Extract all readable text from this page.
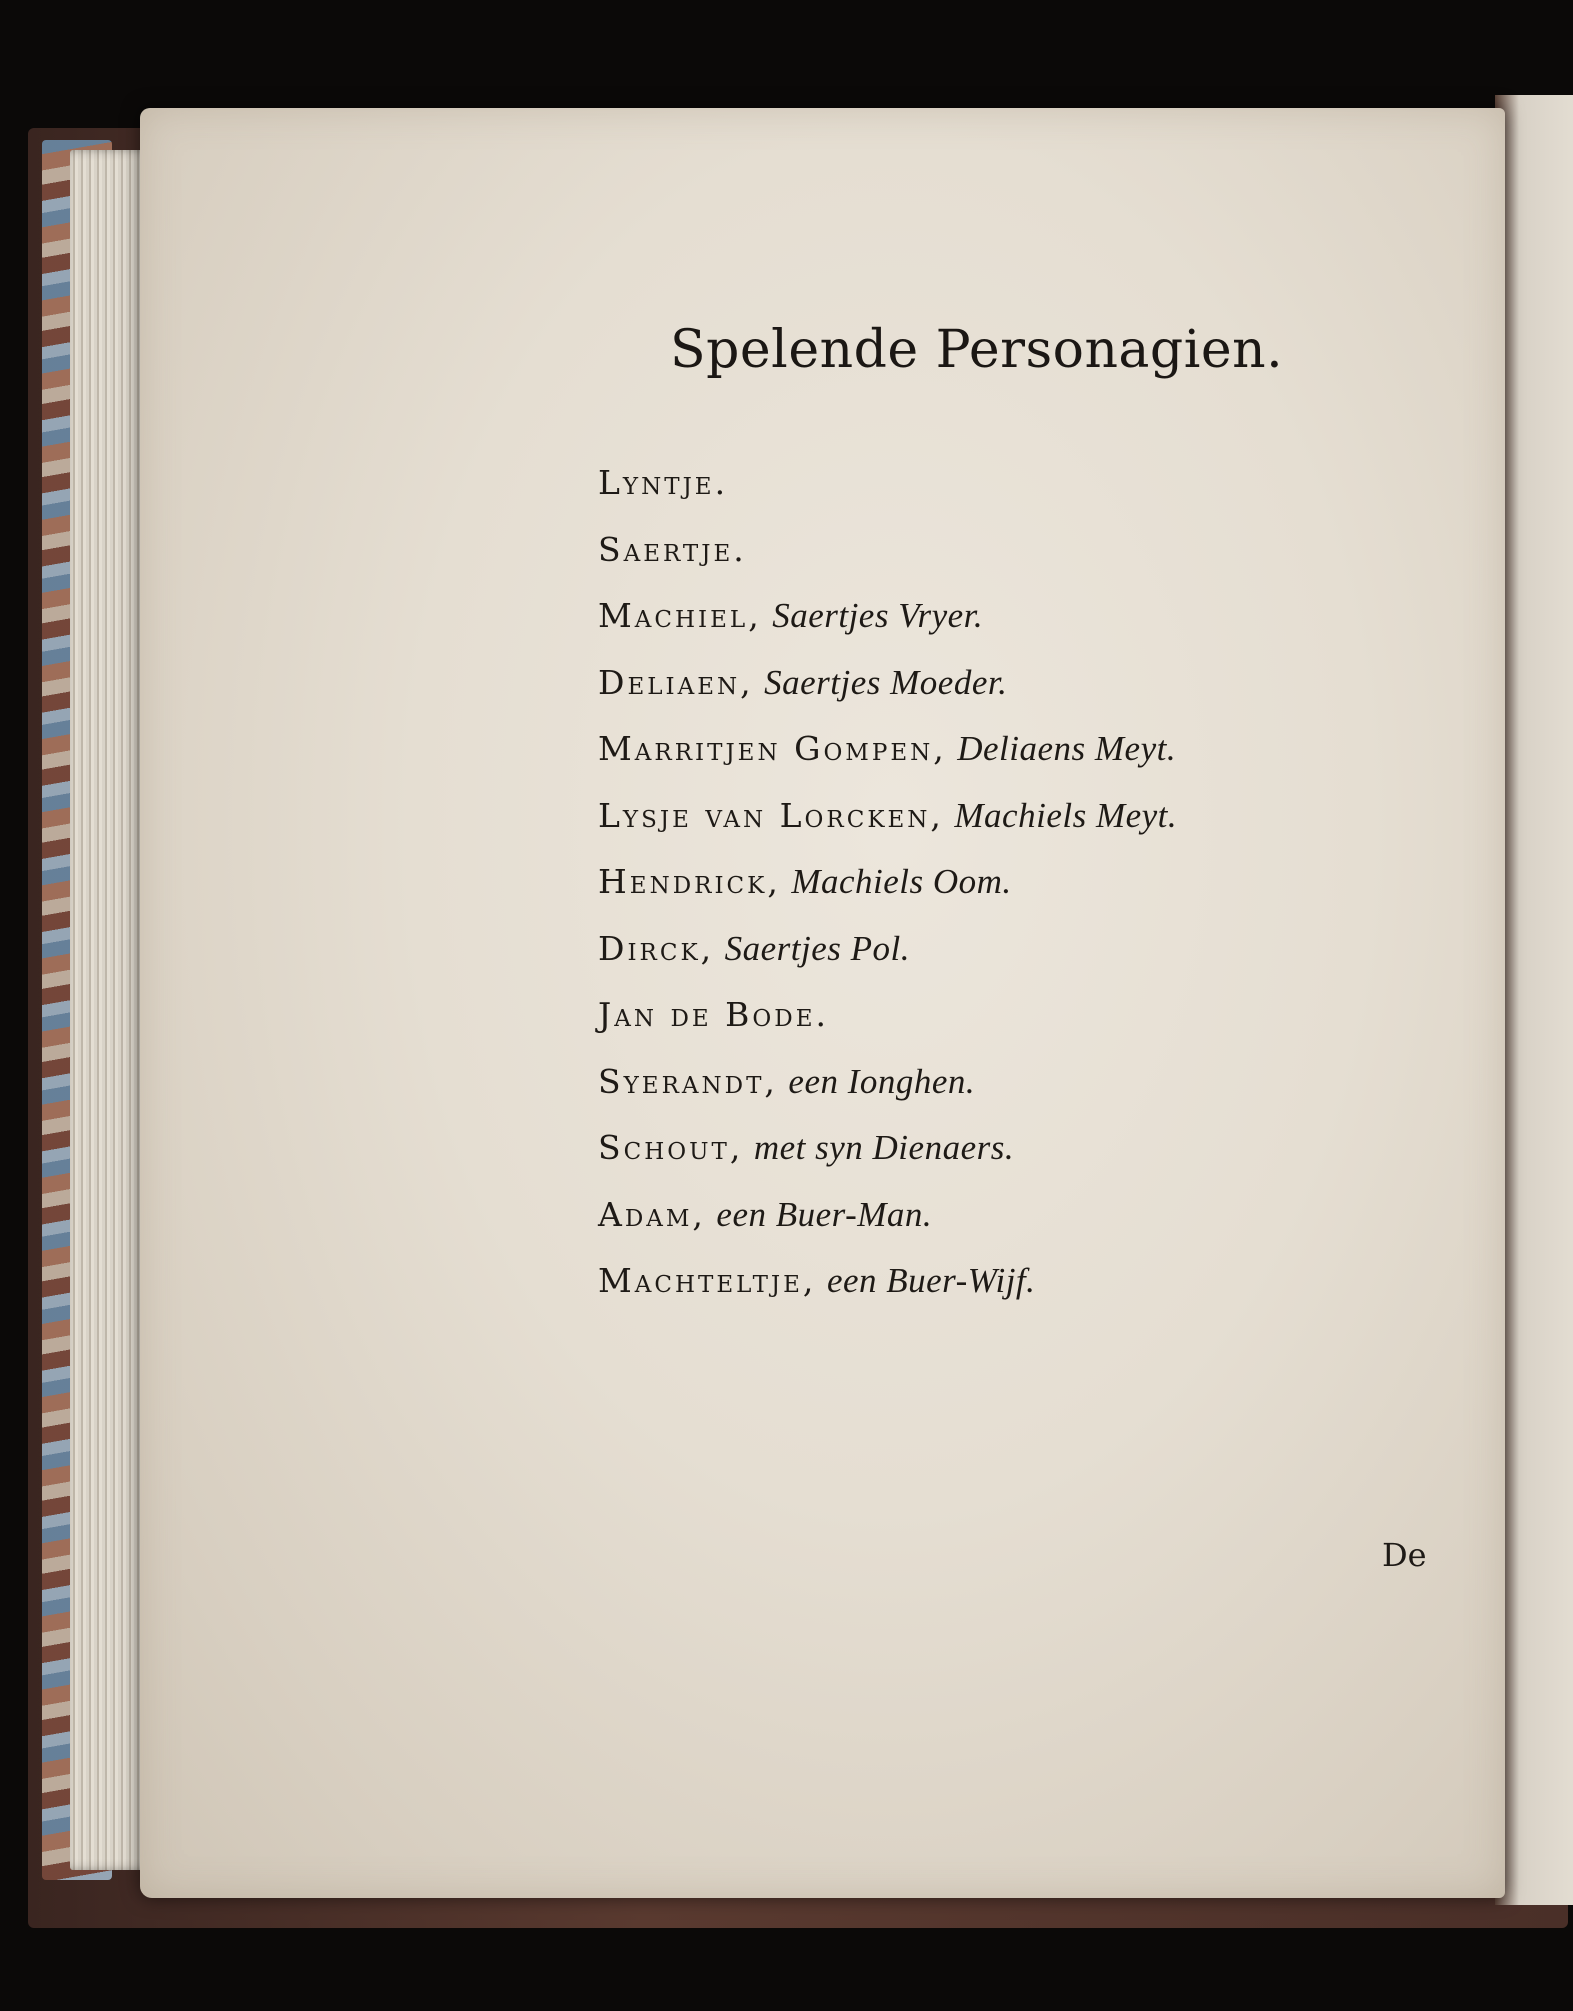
Spelende Personagien.
Lyntje.
Saertje.
Machiel, Saertjes Vryer.
Deliaen, Saertjes Moeder.
Marritjen Gompen, Deliaens Meyt.
Lysje van Lorcken, Machiels Meyt.
Hendrick, Machiels Oom.
Dirck, Saertjes Pol.
Jan de Bode.
Syerandt, een Ionghen.
Schout, met syn Dienaers.
Adam, een Buer-Man.
Machteltje, een Buer-Wijf.
De
